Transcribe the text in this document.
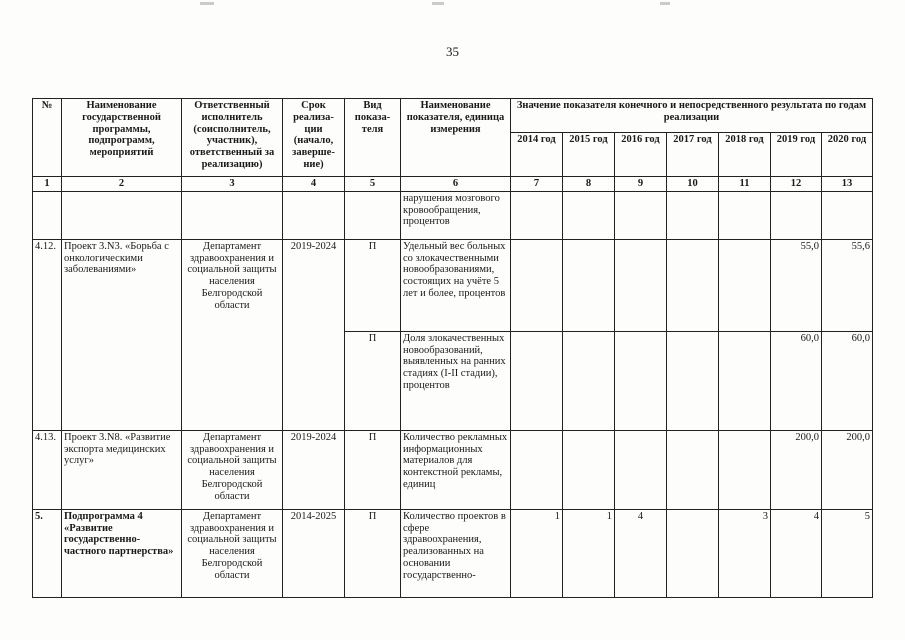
35
№	Наименование государственной программы, подпрограмм, мероприятий	Ответственный исполнитель (соисполнитель, участник), ответственный за реализацию)	Срок реализа-ции (начало, заверше-ние)	Вид показа-теля	Наименование показателя, единица измерения	Значение показателя конечного и непосредственного результата по годам реализации						
						2014 год	2015 год	2016 год	2017 год	2018 год	2019 год	2020 год
1	2	3	4	5	6	7	8	9	10	11	12	13
					нарушения мозгового кровообращения, процентов							
4.12.	Проект 3.N3. «Борьба с онкологическими заболеваниями»	Департамент здравоохранения и социальной защиты населения Белгородской области	2019-2024	П	Удельный вес больных со злокачественными новообразованиями, состоящих на учёте 5 лет и более, процентов						55,0	55,6
				П	Доля злокачественных новообразований, выявленных на ранних стадиях (I-II стадии), процентов						60,0	60,0
4.13.	Проект 3.N8. «Развитие экспорта медицинских услуг»	Департамент здравоохранения и социальной защиты населения Белгородской области	2019-2024	П	Количество рекламных информационных материалов для контекстной рекламы, единиц						200,0	200,0
5.	Подпрограмма 4 «Развитие государственно-частного партнерства»	Департамент здравоохранения и социальной защиты населения Белгородской области	2014-2025	П	Количество проектов в сфере здравоохранения, реализованных на основании государственно-	1	1	4		3	4	5
